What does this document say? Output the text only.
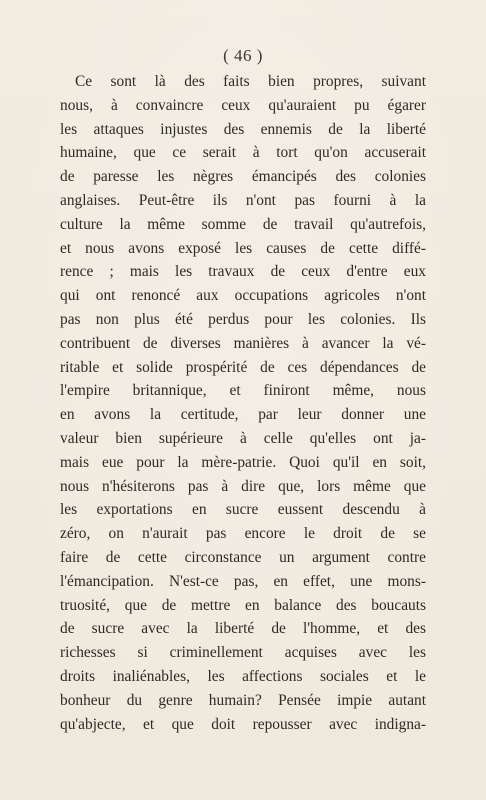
( 46 )
Ce sont là des faits bien propres, suivant
nous, à convaincre ceux qu'auraient pu égarer
les attaques injustes des ennemis de la liberté
humaine, que ce serait à tort qu'on accuserait
de paresse les nègres émancipés des colonies
anglaises. Peut-être ils n'ont pas fourni à la
culture la même somme de travail qu'autrefois,
et nous avons exposé les causes de cette diffé-
rence ; mais les travaux de ceux d'entre eux
qui ont renoncé aux occupations agricoles n'ont
pas non plus été perdus pour les colonies. Ils
contribuent de diverses manières à avancer la vé-
ritable et solide prospérité de ces dépendances de
l'empire britannique, et finiront même, nous
en avons la certitude, par leur donner une
valeur bien supérieure à celle qu'elles ont ja-
mais eue pour la mère-patrie. Quoi qu'il en soit,
nous n'hésiterons pas à dire que, lors même que
les exportations en sucre eussent descendu à
zéro, on n'aurait pas encore le droit de se
faire de cette circonstance un argument contre
l'émancipation. N'est-ce pas, en effet, une mons-
truosité, que de mettre en balance des boucauts
de sucre avec la liberté de l'homme, et des
richesses si criminellement acquises avec les
droits inaliénables, les affections sociales et le
bonheur du genre humain? Pensée impie autant
qu'abjecte, et que doit repousser avec indigna-
